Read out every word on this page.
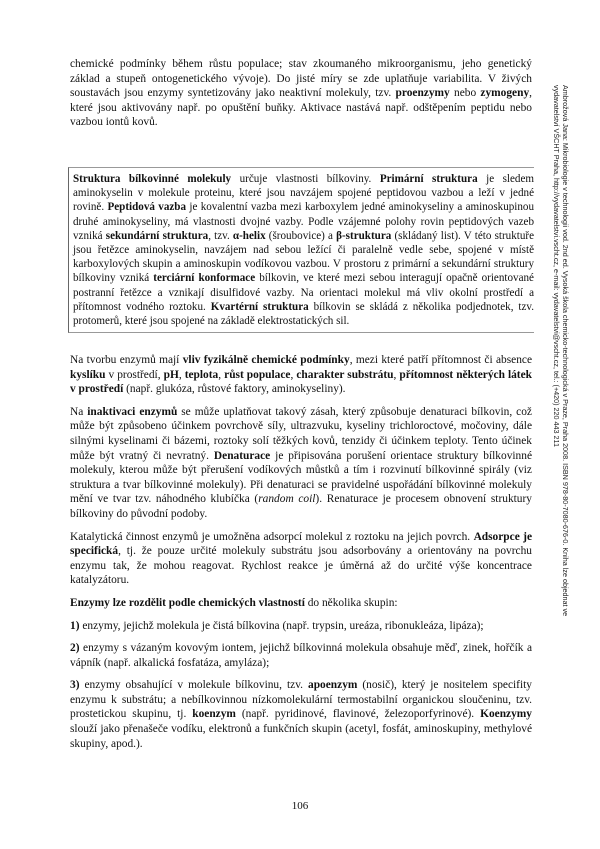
chemické podmínky během růstu populace; stav zkoumaného mikroorganismu, jeho genetický základ a stupeň ontogenetického vývoje). Do jisté míry se zde uplatňuje variabilita. V živých soustavách jsou enzymy syntetizovány jako neaktivní molekuly, tzv. proenzymy nebo zymogeny, které jsou aktivovány např. po opuštění buňky. Aktivace nastává např. odštěpením peptidu nebo vazbou iontů kovů.

Struktura bílkovinné molekuly určuje vlastnosti bílkoviny. Primární struktura je sledem aminokyselin v molekule proteinu, které jsou navzájem spojené peptidovou vazbou a leží v jedné rovině. Peptidová vazba je kovalentní vazba mezi karboxylem jedné aminokyseliny a aminoskupinou druhé aminokyseliny, má vlastnosti dvojné vazby. Podle vzájemné polohy rovin peptidových vazeb vzniká sekundární struktura, tzv. α-helix (šroubovice) a β-struktura (skládaný list). V této struktuře jsou řetězce aminokyselin, navzájem nad sebou ležící či paralelně vedle sebe, spojené v místě karboxylových skupin a aminoskupin vodíkovou vazbou. V prostoru z primární a sekundární struktury bílkoviny vzniká terciární konformace bílkovin, ve které mezi sebou interagují opačně orientované postranní řetězce a vznikají disulfidové vazby. Na orientaci molekul má vliv okolní prostředí a přítomnost vodného roztoku. Kvartérní struktura bílkovin se skládá z několika podjednotek, tzv. protomerů, které jsou spojené na základě elektrostatických sil.

Na tvorbu enzymů mají vliv fyzikálně chemické podmínky, mezi které patří přítomnost či absence kyslíku v prostředí, pH, teplota, růst populace, charakter substrátu, přítomnost některých látek v prostředí (např. glukóza, růstové faktory, aminokyseliny).

Na inaktivaci enzymů se může uplatňovat takový zásah, který způsobuje denaturaci bílkovin, což může být způsobeno účinkem povrchově síly, ultrazvuku, kyseliny trichloroctové, močoviny, dále silnými kyselinami či bázemi, roztoky solí těžkých kovů, tenzidy či účinkem teploty. Tento účinek může být vratný či nevratný. Denaturace je připisována porušení orientace struktury bílkovinné molekuly, kterou může být přerušení vodíkových můstků a tím i rozvinutí bílkovinné spirály (viz struktura a tvar bílkovinné molekuly). Při denaturaci se pravidelné uspořádání bílkovinné molekuly mění ve tvar tzv. náhodného klubíčka (random coil). Renaturace je procesem obnovení struktury bílkoviny do původní podoby.

Katalytická činnost enzymů je umožněna adsorpcí molekul z roztoku na jejich povrch. Adsorpce je specifická, tj. že pouze určité molekuly substrátu jsou adsorbovány a orientovány na povrchu enzymu tak, že mohou reagovat. Rychlost reakce je úměrná až do určité výše koncentrace katalyzátoru.

Enzymy lze rozdělit podle chemických vlastností do několika skupin:

1) enzymy, jejichž molekula je čistá bílkovina (např. trypsin, ureáza, ribonukleáza, lipáza);

2) enzymy s vázaným kovovým iontem, jejichž bílkovinná molekula obsahuje měď, zinek, hořčík a vápník (např. alkalická fosfatáza, amyláza);

3) enzymy obsahující v molekule bílkovinu, tzv. apoenzym (nosič), který je nositelem specifity enzymu k substrátu; a nebílkovinnou nízkomolekulární termostabilní organickou sloučeninu, tzv. prostetickou skupinu, tj. koenzym (např. pyridinové, flavinové, železoporfyrinové). Koenzymy slouží jako přenašeče vodíku, elektronů a funkčních skupin (acetyl, fosfát, aminoskupiny, methylové skupiny, apod.).

Ambrožová Jana: Mikrobiologie v technologii vod. 2nd ed. Vysoká škola chemicko-technologická v Praze, Praha 2008. ISBN 978-80-7080-676-0. Kniha lze objednat ve vydavatelství VŠCHT Praha, http://vydavatelstvi.vscht.cz, e-mail: vydavatelstvi@vscht.cz, tel.: (+420) 220 443 211
106
